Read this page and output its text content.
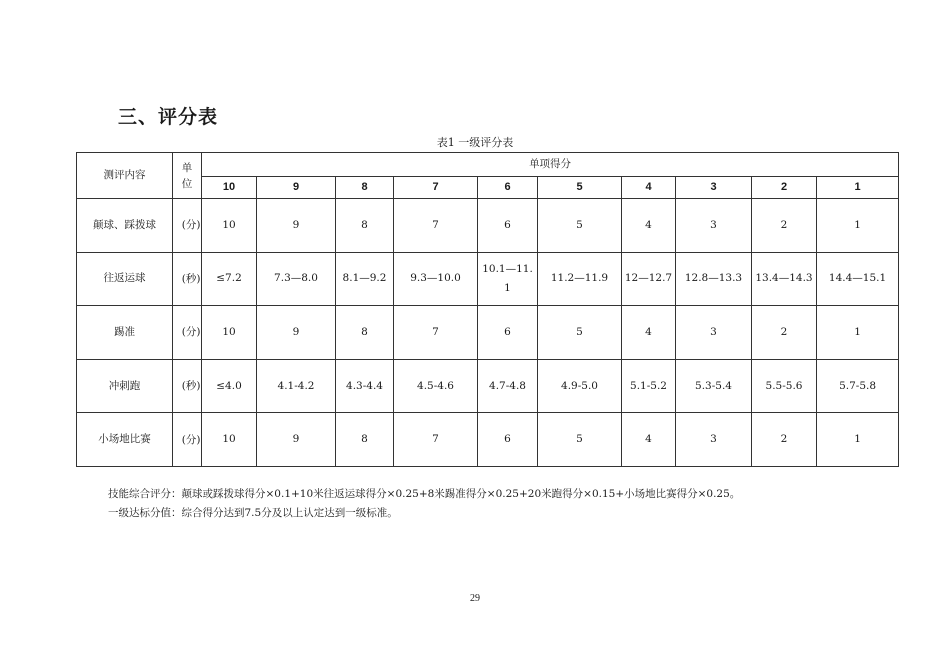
三、评分表
表1 一级评分表
测评内容	单位	单项得分									
		10	9	8	7	6	5	4	3	2	1
颠球、踩拨球	(分)	10	9	8	7	6	5	4	3	2	1
往返运球	(秒)	≤7.2	7.3—8.0	8.1—9.2	9.3—10.0	10.1—11.1	11.2—11.9	12—12.7	12.8—13.3	13.4—14.3	14.4—15.1
踢准	(分)	10	9	8	7	6	5	4	3	2	1
冲刺跑	(秒)	≤4.0	4.1-4.2	4.3-4.4	4.5-4.6	4.7-4.8	4.9-5.0	5.1-5.2	5.3-5.4	5.5-5.6	5.7-5.8
小场地比赛	(分)	10	9	8	7	6	5	4	3	2	1
技能综合评分：颠球或踩拨球得分×0.1+10米往返运球得分×0.25+8米踢准得分×0.25+20米跑得分×0.15+小场地比赛得分×0.25。
一级达标分值：综合得分达到7.5分及以上认定达到一级标准。
29
